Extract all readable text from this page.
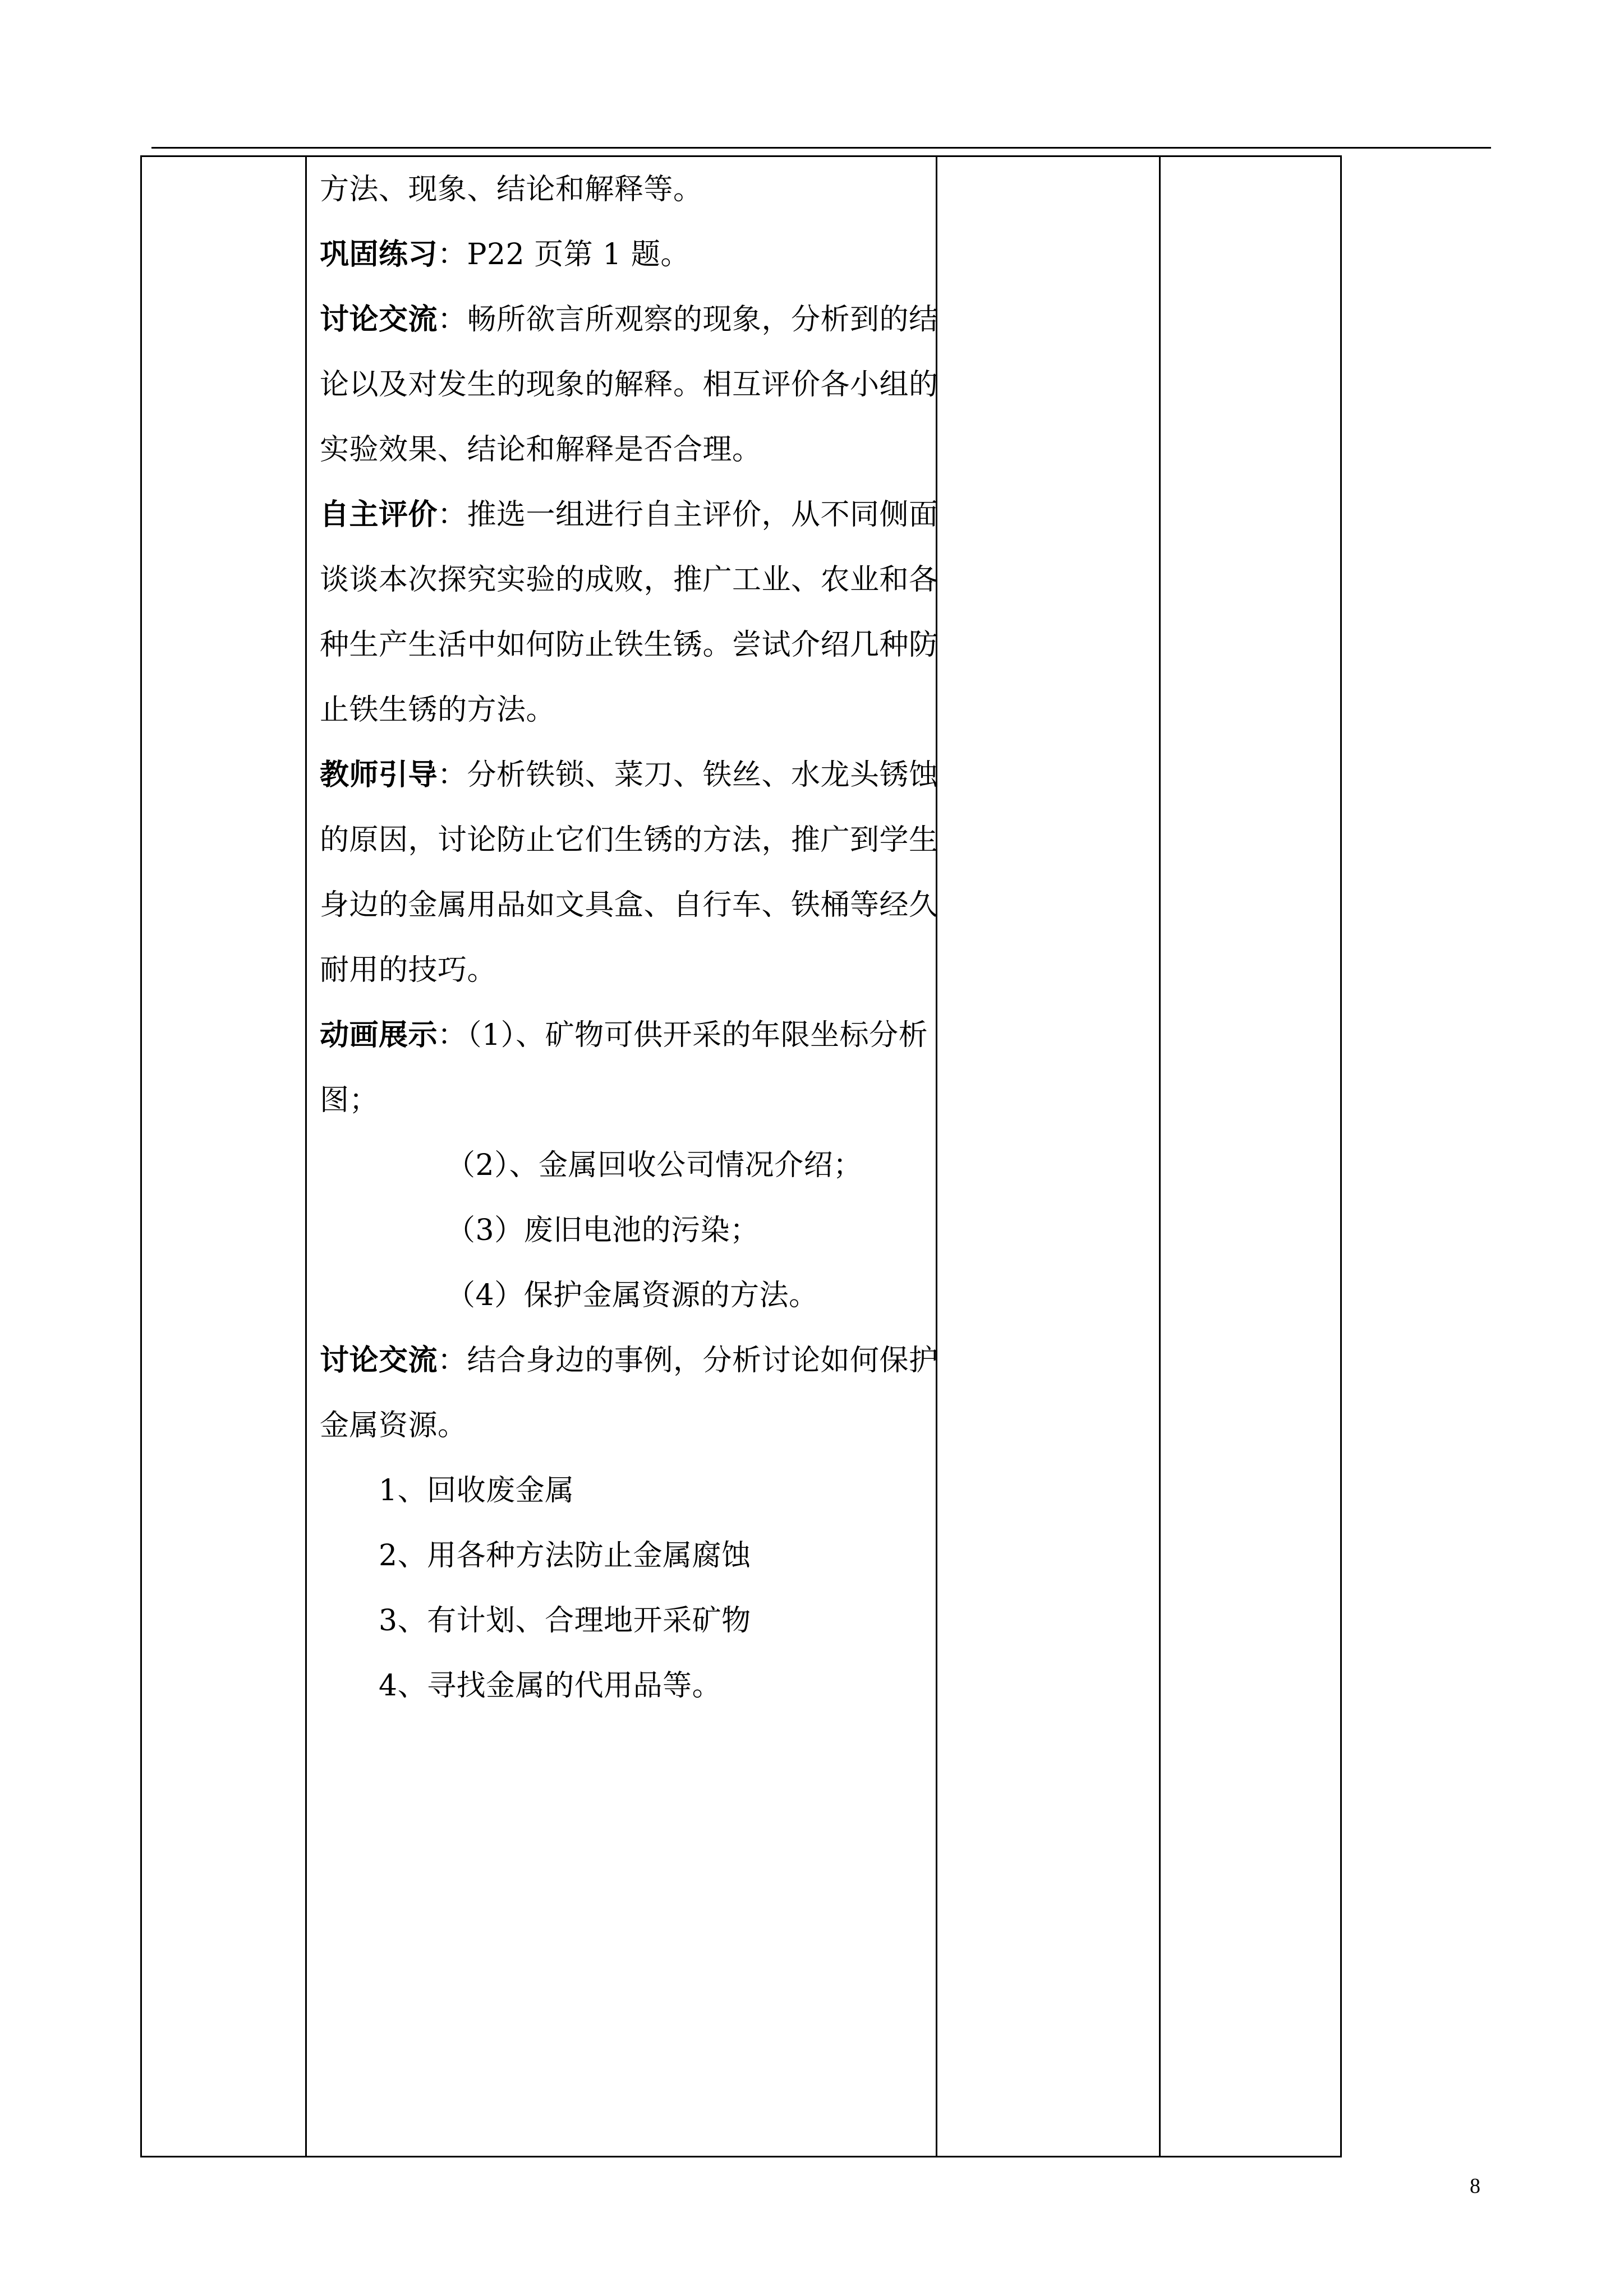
方法、现象、结论和解释等。
巩固练习：P22 页第 1 题。
讨论交流：畅所欲言所观察的现象，分析到的结
论以及对发生的现象的解释。相互评价各小组的
实验效果、结论和解释是否合理。
自主评价：推选一组进行自主评价，从不同侧面
谈谈本次探究实验的成败，推广工业、农业和各
种生产生活中如何防止铁生锈。尝试介绍几种防
止铁生锈的方法。
教师引导：分析铁锁、菜刀、铁丝、水龙头锈蚀
的原因，讨论防止它们生锈的方法，推广到学生
身边的金属用品如文具盒、自行车、铁桶等经久
耐用的技巧。
动画展示：（1）、矿物可供开采的年限坐标分析
图；
（2）、金属回收公司情况介绍；
（3）废旧电池的污染；
（4）保护金属资源的方法。
讨论交流：结合身边的事例，分析讨论如何保护
金属资源。
1、回收废金属
2、用各种方法防止金属腐蚀
3、有计划、合理地开采矿物
4、寻找金属的代用品等。
8
